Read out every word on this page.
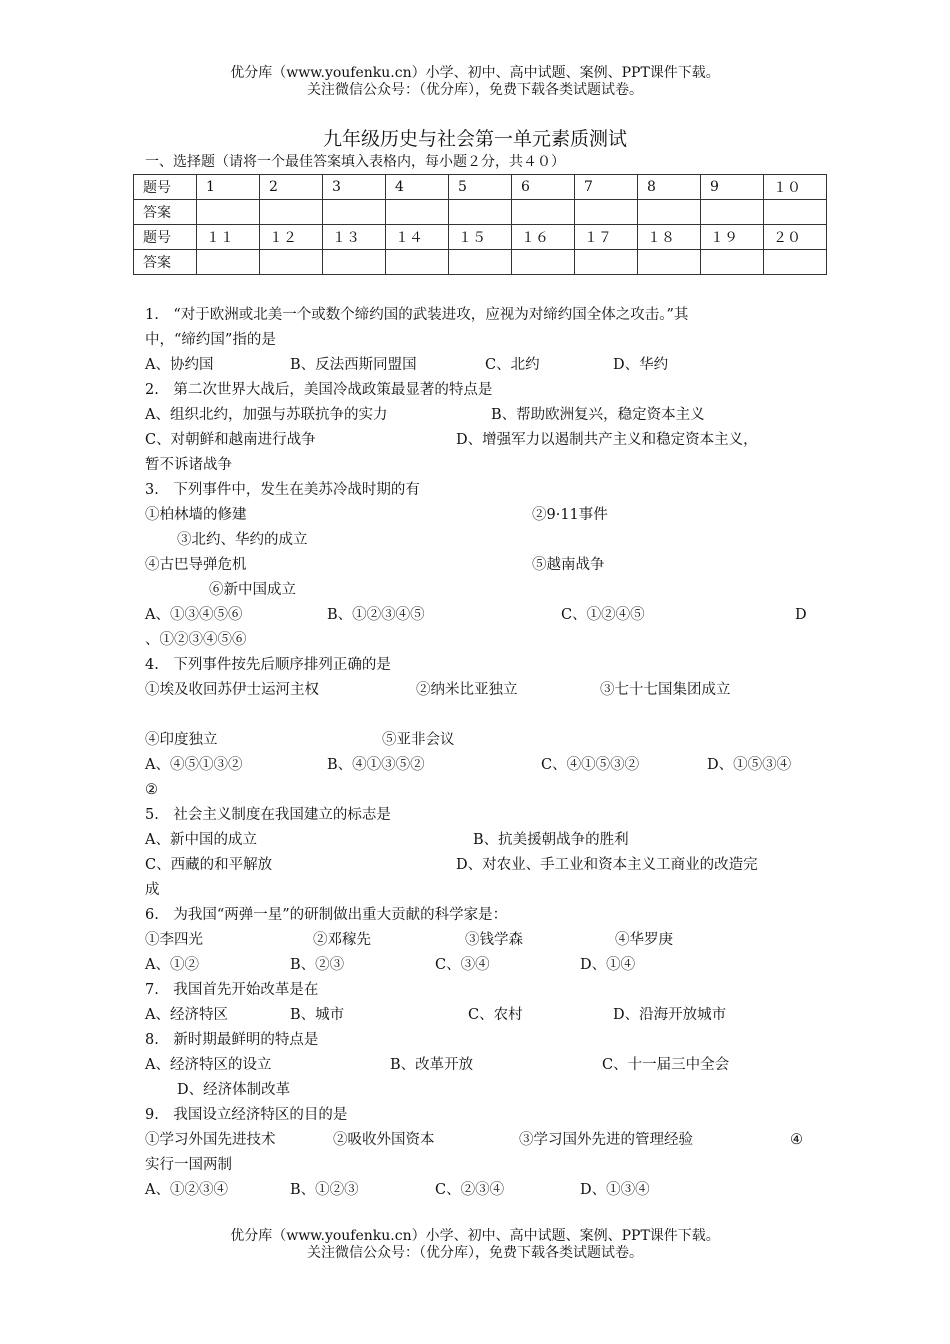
优分库（www.youfenku.cn）小学、初中、高中试题、案例、PPT课件下载。
关注微信公众号：（优分库），免费下载各类试题试卷。
九年级历史与社会第一单元素质测试
一、选择题（请将一个最佳答案填入表格内，每小题２分，共４０）
题号	1	2	3	4	5	6	7	8	9	１０
答案										
题号	１１	１２	１３	１４	１５	１６	１７	１８	１９	２０
答案										
1.　“对于欧洲或北美一个或数个缔约国的武装进攻，应视为对缔约国全体之攻击。”其
中，“缔约国”指的是
A、协约国	B、反法西斯同盟国	C、北约	D、华约
2.　第二次世界大战后，美国冷战政策最显著的特点是
A、组织北约，加强与苏联抗争的实力	B、帮助欧洲复兴，稳定资本主义
C、对朝鲜和越南进行战争	D、增强军力以遏制共产主义和稳定资本主义，
暂不诉诸战争
3.　下列事件中，发生在美苏冷战时期的有
①柏林墙的修建	②9·11事件
③北约、华约的成立
④古巴导弹危机	⑤越南战争
⑥新中国成立
A、①③④⑤⑥	B、①②③④⑤	C、①②④⑤	D
、①②③④⑤⑥
4.　下列事件按先后顺序排列正确的是
①埃及收回苏伊士运河主权	②纳米比亚独立	③七十七国集团成立
④印度独立	⑤亚非会议
A、④⑤①③②	B、④①③⑤②	C、④①⑤③②	D、①⑤③④
②
5.　社会主义制度在我国建立的标志是
A、新中国的成立	B、抗美援朝战争的胜利
C、西藏的和平解放	D、对农业、手工业和资本主义工商业的改造完
成
6.　为我国“两弹一星”的研制做出重大贡献的科学家是：
①李四光	②邓稼先	③钱学森	④华罗庚
A、①②	B、②③	C、③④	D、①④
7.　我国首先开始改革是在
A、经济特区	B、城市	C、农村	D、沿海开放城市
8.　新时期最鲜明的特点是
A、经济特区的设立	B、改革开放	C、十一届三中全会
D、经济体制改革
9.　我国设立经济特区的目的是
①学习外国先进技术	②吸收外国资本	③学习国外先进的管理经验	④
实行一国两制
A、①②③④	B、①②③	C、②③④	D、①③④
优分库（www.youfenku.cn）小学、初中、高中试题、案例、PPT课件下载。
关注微信公众号：（优分库），免费下载各类试题试卷。
